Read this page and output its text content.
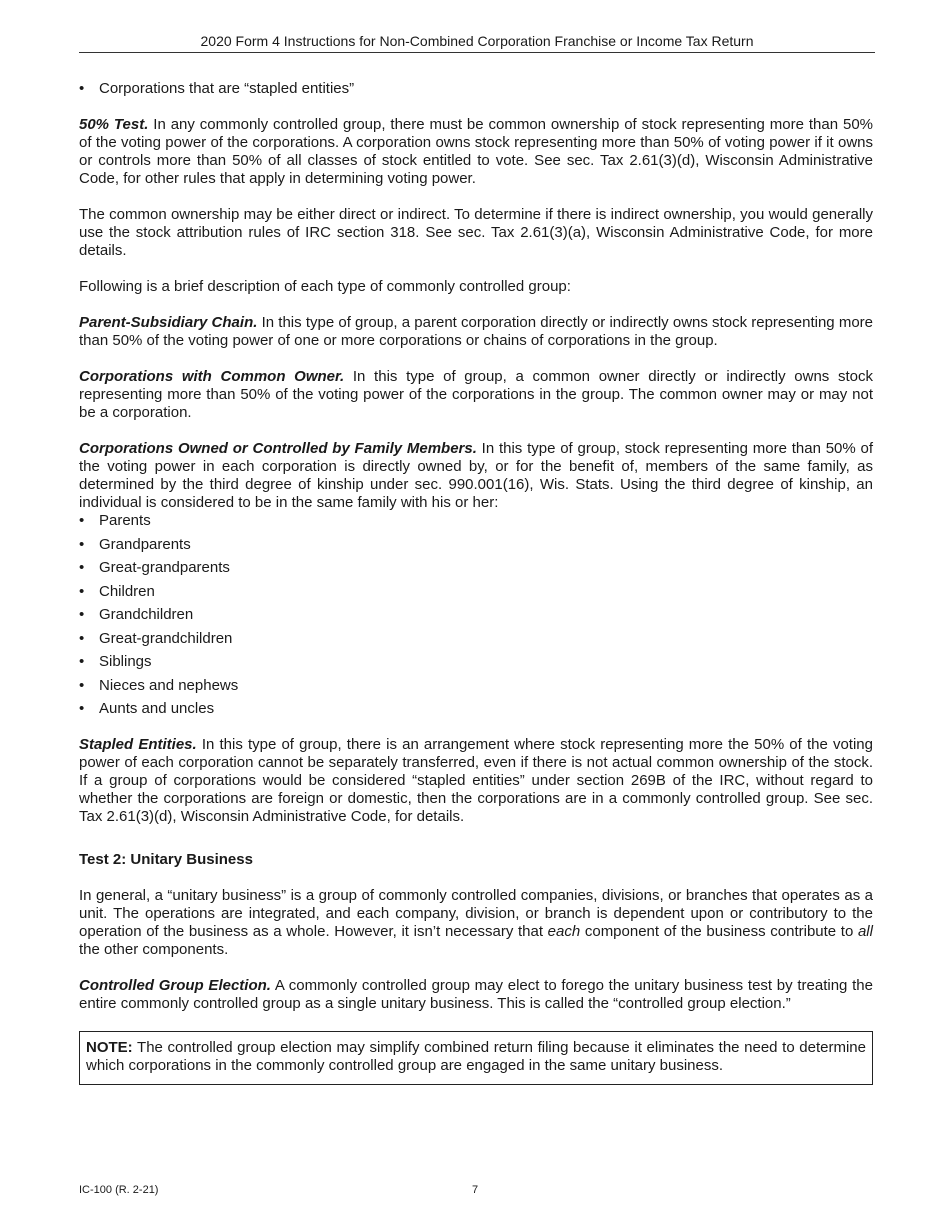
2020 Form 4 Instructions for Non-Combined Corporation Franchise or Income Tax Return
• Corporations that are “stapled entities”

50% Test. In any commonly controlled group, there must be common ownership of stock representing more than 50% of the voting power of the corporations. A corporation owns stock representing more than 50% of voting power if it owns or controls more than 50% of all classes of stock entitled to vote. See sec. Tax 2.61(3)(d), Wisconsin Administrative Code, for other rules that apply in determining voting power.

The common ownership may be either direct or indirect. To determine if there is indirect ownership, you would generally use the stock attribution rules of IRC section 318. See sec. Tax 2.61(3)(a), Wisconsin Administrative Code, for more details.

Following is a brief description of each type of commonly controlled group:

Parent-Subsidiary Chain. In this type of group, a parent corporation directly or indirectly owns stock representing more than 50% of the voting power of one or more corporations or chains of corporations in the group.

Corporations with Common Owner. In this type of group, a common owner directly or indirectly owns stock representing more than 50% of the voting power of the corporations in the group. The common owner may or may not be a corporation.

Corporations Owned or Controlled by Family Members. In this type of group, stock representing more than 50% of the voting power in each corporation is directly owned by, or for the benefit of, members of the same family, as determined by the third degree of kinship under sec. 990.001(16), Wis. Stats. Using the third degree of kinship, an individual is considered to be in the same family with his or her:

• Parents
• Grandparents
• Great-grandparents
• Children
• Grandchildren
• Great-grandchildren
• Siblings
• Nieces and nephews
• Aunts and uncles

Stapled Entities. In this type of group, there is an arrangement where stock representing more the 50% of the voting power of each corporation cannot be separately transferred, even if there is not actual common ownership of the stock. If a group of corporations would be considered “stapled entities” under section 269B of the IRC, without regard to whether the corporations are foreign or domestic, then the corporations are in a commonly controlled group. See sec. Tax 2.61(3)(d), Wisconsin Administrative Code, for details.

Test 2: Unitary Business

In general, a “unitary business” is a group of commonly controlled companies, divisions, or branches that operates as a unit. The operations are integrated, and each company, division, or branch is dependent upon or contributory to the operation of the business as a whole. However, it isn’t necessary that each component of the business contribute to all the other components.

Controlled Group Election. A commonly controlled group may elect to forego the unitary business test by treating the entire commonly controlled group as a single unitary business. This is called the “controlled group election.”

NOTE: The controlled group election may simplify combined return filing because it eliminates the need to determine which corporations in the commonly controlled group are engaged in the same unitary business.
IC-100 (R. 2-21)	7
